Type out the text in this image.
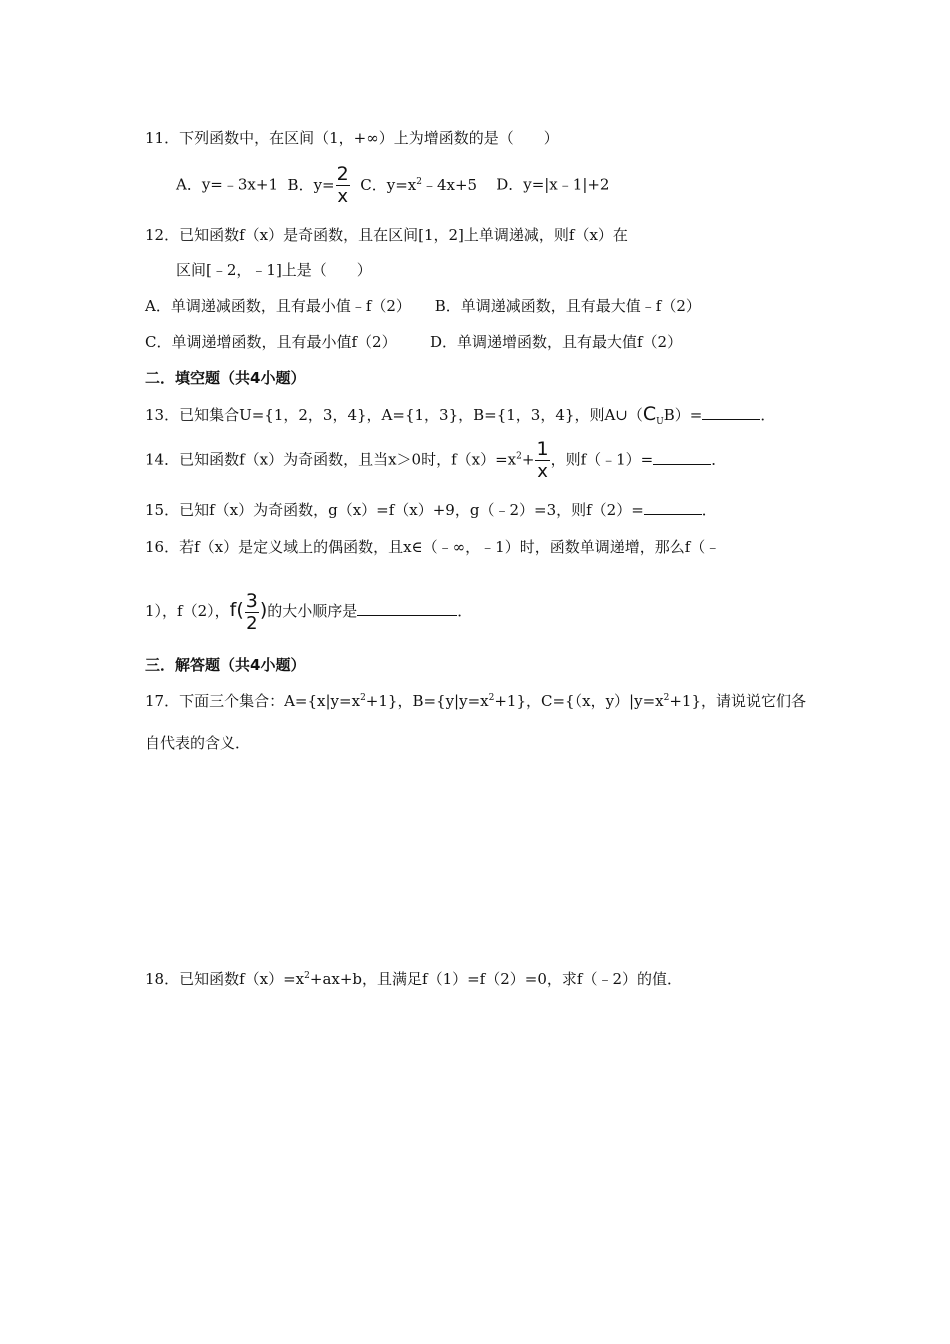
11．下列函数中，在区间（1，+∞）上为增函数的是（　　）
A．y=﹣3x+1 B．$y= \frac{2}{x}$ C．$y=x^2﹣4x+5$ D．y=|x﹣1|+2
12．已知函数f（x）是奇函数，且在区间[1，2]上单调递减，则f（x）在
区间[﹣2，﹣1]上是（　　）
A．单调递减函数，且有最小值﹣f（2） B．单调递减函数，且有最大值﹣f（2）
C．单调递增函数，且有最小值f（2） D．单调递增函数，且有最大值f（2）
二．填空题（共4小题）
13．已知集合U={1，2，3，4}，A={1，3}，B={1，3，4}，则$A\cup(C_UB)=$	．
14．已知函数f（x）为奇函数，且当x＞0时，$f(x)=x^2+ \frac{1}{x}$ ，则f（﹣1）=	．
15．已知f（x）为奇函数，g（x）=f（x）+9，g（﹣2）=3，则f（2）=	．
16．若f（x）是定义域上的偶函数，且x∈（﹣∞，﹣1）时，函数单调递增，那么f（﹣
1），f（2），$f( \frac{3}{2}$ )的大小顺序是	．
三．解答题（共4小题）
17．下面三个集合：$A=\{x|y=x^2+1\}$，$B=\{y|y=x^2+1\}$，C={（x，$y)|y=x^2+1$}，请说说它们各
自代表的含义．
18．已知函数$f(x)=x^2+ax+b$，且满足f（1）=f（2）=0，求f（﹣2）的值．
